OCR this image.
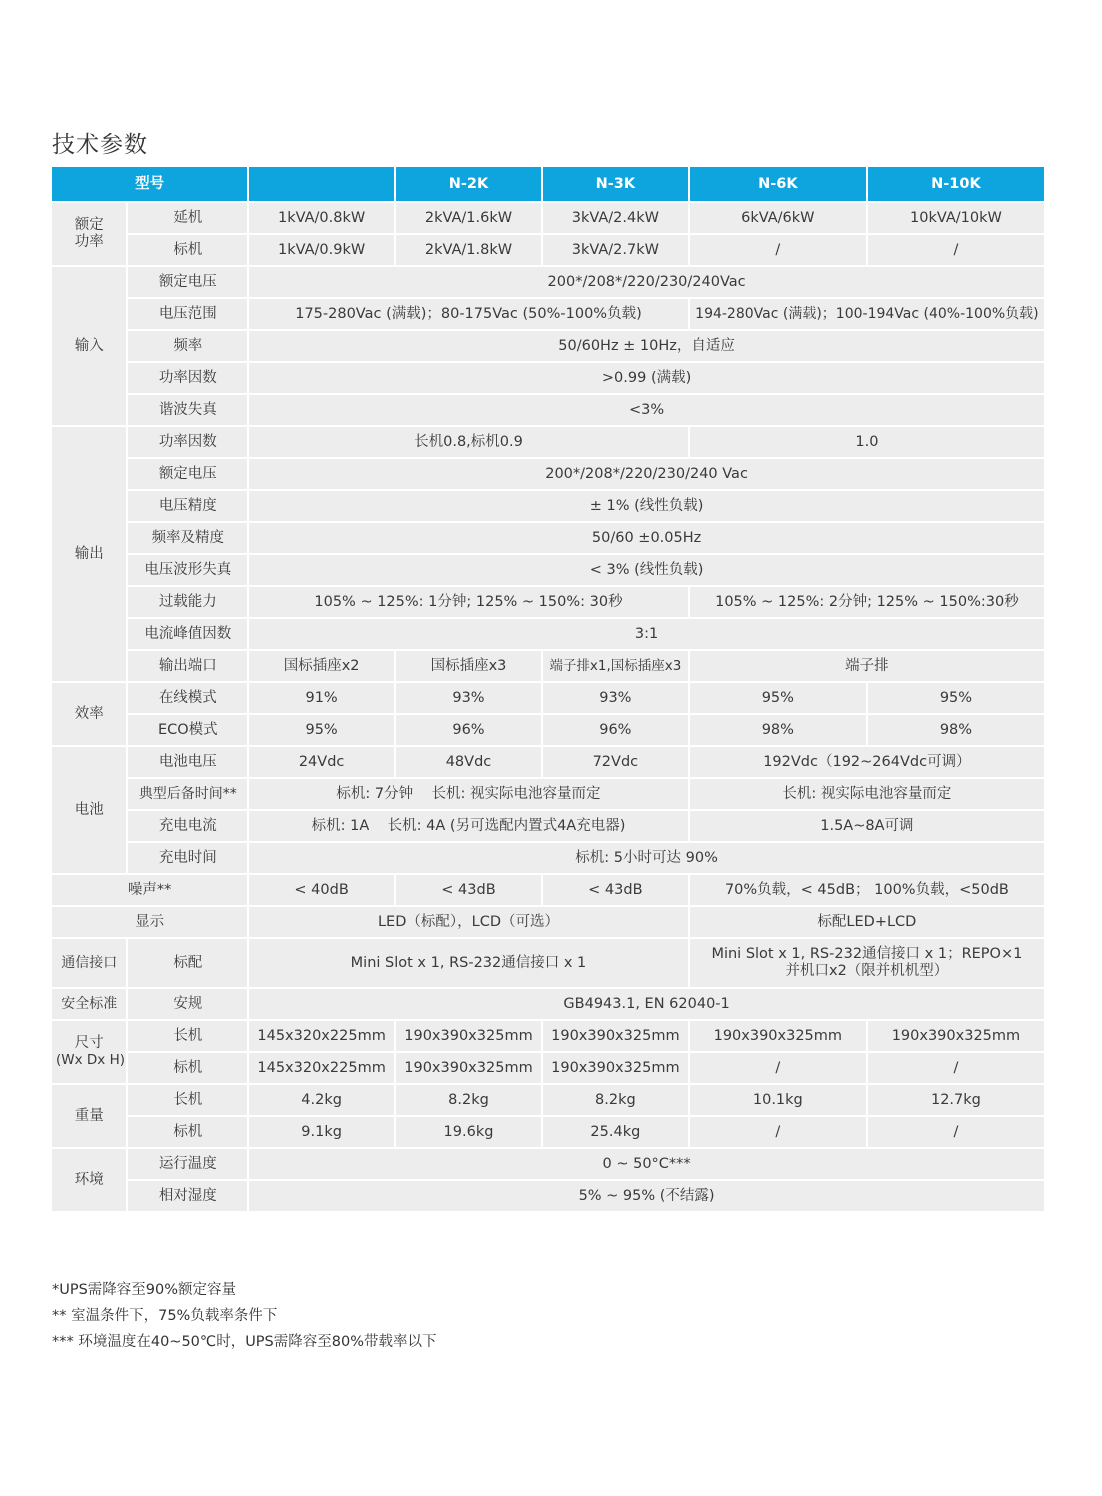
技术参数
型号		N-1K	N-2K	N-3K	N-6K	N-10K
额定
功率	延机	1kVA/0.8kW	2kVA/1.6kW	3kVA/2.4kW	6kVA/6kW	10kVA/10kW
	标机	1kVA/0.9kW	2kVA/1.8kW	3kVA/2.7kW	/	/
输入	额定电压	200*/208*/220/230/240Vac				
	电压范围	175-280Vac (满载)；80-175Vac (50%-100%负载)			194-280Vac (满载)；100-194Vac (40%-100%负载)	
	频率	50/60Hz ± 10Hz，自适应				
	功率因数	>0.99 (满载)				
	谐波失真	<3%				
输出	功率因数	长机0.8,标机0.9			1.0	
	额定电压	200*/208*/220/230/240 Vac				
	电压精度	± 1% (线性负载)				
	频率及精度	50/60 ±0.05Hz				
	电压波形失真	< 3% (线性负载)				
	过载能力	105% ~ 125%: 1分钟; 125% ~ 150%: 30秒			105% ~ 125%: 2分钟; 125% ~ 150%:30秒	
	电流峰值因数	3:1				
	输出端口	国标插座x2	国标插座x3	端子排x1,国标插座x3	端子排	
效率	在线模式	91%	93%	93%	95%	95%
	ECO模式	95%	96%	96%	98%	98%
电池	电池电压	24Vdc	48Vdc	72Vdc	192Vdc（192~264Vdc可调）	
	典型后备时间**	标机: 7分钟    长机: 视实际电池容量而定			长机: 视实际电池容量而定	
	充电电流	标机: 1A    长机: 4A (另可选配内置式4A充电器)			1.5A~8A可调	
	充电时间	标机: 5小时可达 90%				
噪声**		< 40dB	< 43dB	< 43dB	70%负载，< 45dB； 100%负载，<50dB	
显示		LED（标配），LCD（可选）			标配LED+LCD	
通信接口	标配	Mini Slot x 1, RS-232通信接口 x 1			Mini Slot x 1, RS-232通信接口 x 1；REPO×1
并机口x2（限并机机型）	

安全标准	安规	GB4943.1, EN 62040-1				

尺寸
(Wx Dx H)	长机	145x320x225mm	190x390x325mm	190x390x325mm	190x390x325mm	190x390x325mm
	标机	145x320x225mm	190x390x325mm	190x390x325mm	/	/
重量	长机	4.2kg	8.2kg	8.2kg	10.1kg	12.7kg
	标机	9.1kg	19.6kg	25.4kg	/	/
环境	运行温度	0 ~ 50°C***				
	相对湿度	5% ~ 95% (不结露)				
*UPS需降容至90%额定容量
** 室温条件下，75%负载率条件下
*** 环境温度在40~50℃时，UPS需降容至80%带载率以下
